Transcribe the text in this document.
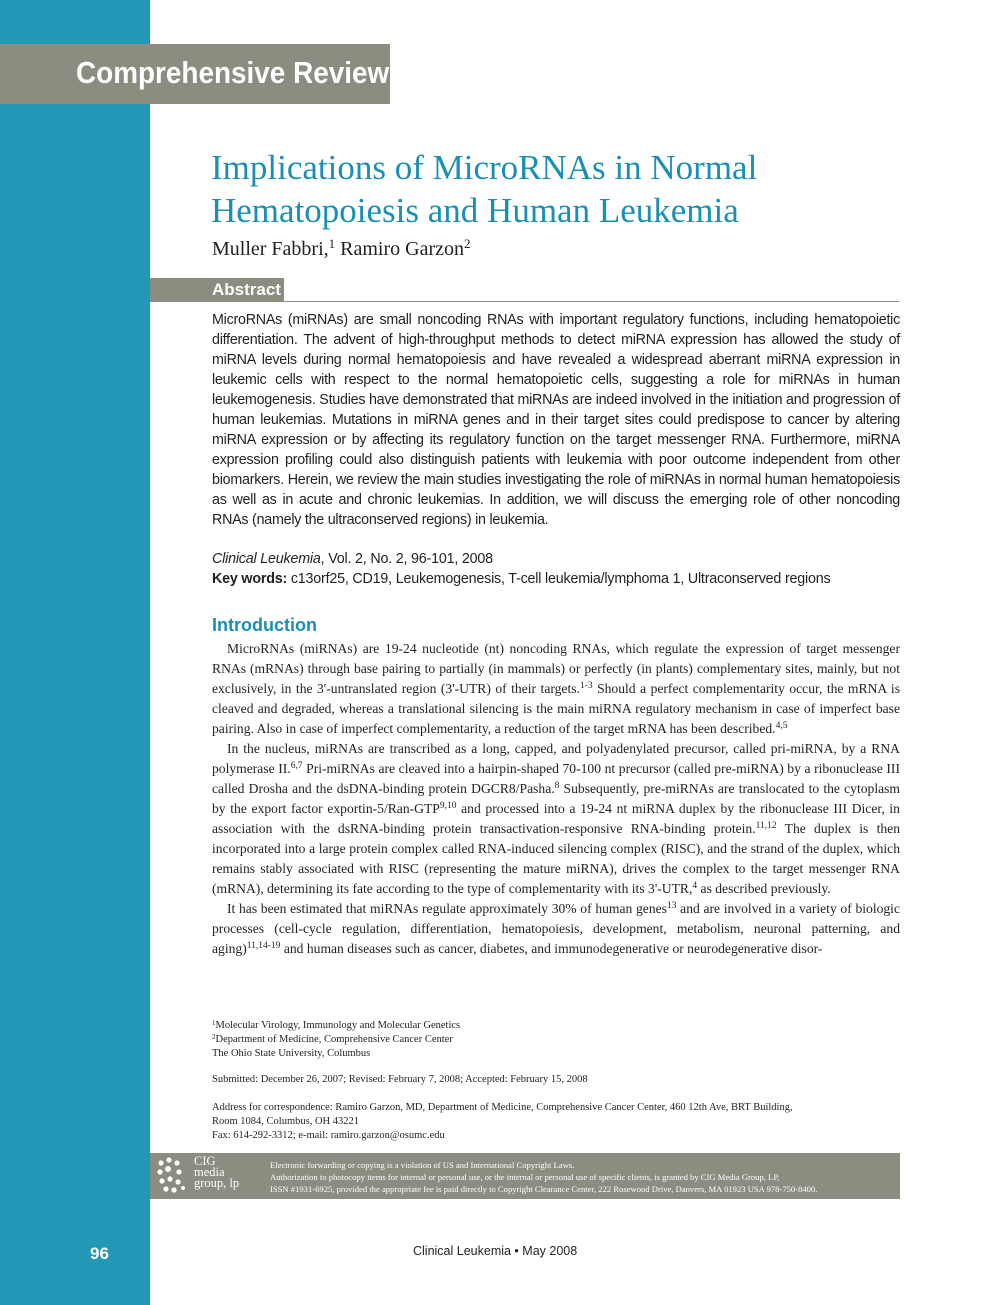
Comprehensive Review
Implications of MicroRNAs in Normal Hematopoiesis and Human Leukemia
Muller Fabbri,$^1$ Ramiro Garzon$^2$
Abstract

MicroRNAs (miRNAs) are small noncoding RNAs with important regulatory functions, including hematopoietic differentiation. The advent of high-throughput methods to detect miRNA expression has allowed the study of miRNA levels during normal hematopoiesis and have revealed a widespread aberrant miRNA expression in leukemic cells with respect to the normal hematopoietic cells, suggesting a role for miRNAs in human leukemogenesis. Studies have demonstrated that miRNAs are indeed involved in the initiation and progression of human leukemias. Mutations in miRNA genes and in their target sites could predispose to cancer by altering miRNA expression or by affecting its regulatory function on the target messenger RNA. Furthermore, miRNA expression profiling could also distinguish patients with leukemia with poor outcome independent from other biomarkers. Herein, we review the main studies investigating the role of miRNAs in normal human hematopoiesis as well as in acute and chronic leukemias. In addition, we will discuss the emerging role of other noncoding RNAs (namely the ultraconserved regions) in leukemia.

Clinical Leukemia, Vol. 2, No. 2, 96-101, 2008
Key words: c13orf25, CD19, Leukemogenesis, T-cell leukemia/lymphoma 1, Ultraconserved regions
Introduction

MicroRNAs (miRNAs) are 19-24 nucleotide (nt) noncoding RNAs, which regulate the expression of target messenger RNAs (mRNAs) through base pairing to partially (in mammals) or perfectly (in plants) complementary sites, mainly, but not exclusively, in the 3'-untranslated region (3'-UTR) of their targets.$^{1-3}$ Should a perfect complementarity occur, the mRNA is cleaved and degraded, whereas a translational silencing is the main miRNA regulatory mechanism in case of imperfect base pairing. Also in case of imperfect complementarity, a reduction of the target mRNA has been described.$^{4,5}$

In the nucleus, miRNAs are transcribed as a long, capped, and polyadenylated precursor, called pri-miRNA, by a RNA polymerase II.$^{6,7}$ Pri-miRNAs are cleaved into a hairpin-shaped 70-100 nt precursor (called pre-miRNA) by a ribonuclease III called Drosha and the dsDNA-binding protein DGCR8/Pasha.$^8$ Subsequently, pre-miRNAs are translocated to the cytoplasm by the export factor exportin-5/Ran-GTP$^{9,10}$ and processed into a 19-24 nt miRNA duplex by the ribonuclease III Dicer, in association with the dsRNA-binding protein transactivation-responsive RNA-binding protein.$^{11,12}$ The duplex is then incorporated into a large protein complex called RNA-induced silencing complex (RISC), and the strand of the duplex, which remains stably associated with RISC (representing the mature miRNA), drives the complex to the target messenger RNA (mRNA), determining its fate according to the type of complementarity with its 3'-UTR,$^4$ as described previously.

It has been estimated that miRNAs regulate approximately 30% of human genes$^{13}$ and are involved in a variety of biologic processes (cell-cycle regulation, differentiation, hematopoiesis, development, metabolism, neuronal patterning, and aging)$^{11,14-19}$ and human diseases such as cancer, diabetes, and immunodegenerative or neurodegenerative disor-

$^1$Molecular Virology, Immunology and Molecular Genetics
$^2$Department of Medicine, Comprehensive Cancer Center
The Ohio State University, Columbus
Submitted: December 26, 2007; Revised: February 7, 2008; Accepted: February 15, 2008
Address for correspondence: Ramiro Garzon, MD, Department of Medicine, Comprehensive Cancer Center, 460 12th Ave, BRT Building,
Room 1084, Columbus, OH 43221
Fax: 614-292-3312; e-mail: ramiro.garzon@osumc.edu
CIG
media
group, lp
Electronic forwarding or copying is a violation of US and International Copyright Laws.
Authorization to photocopy items for internal or personal use, or the internal or personal use of specific clients, is granted by CIG Media Group, LP,
ISSN #1931-6925, provided the appropriate fee is paid directly to Copyright Clearance Center, 222 Rosewood Drive, Danvers, MA 01923 USA 978-750-8400.
96	Clinical Leukemia • May 2008
